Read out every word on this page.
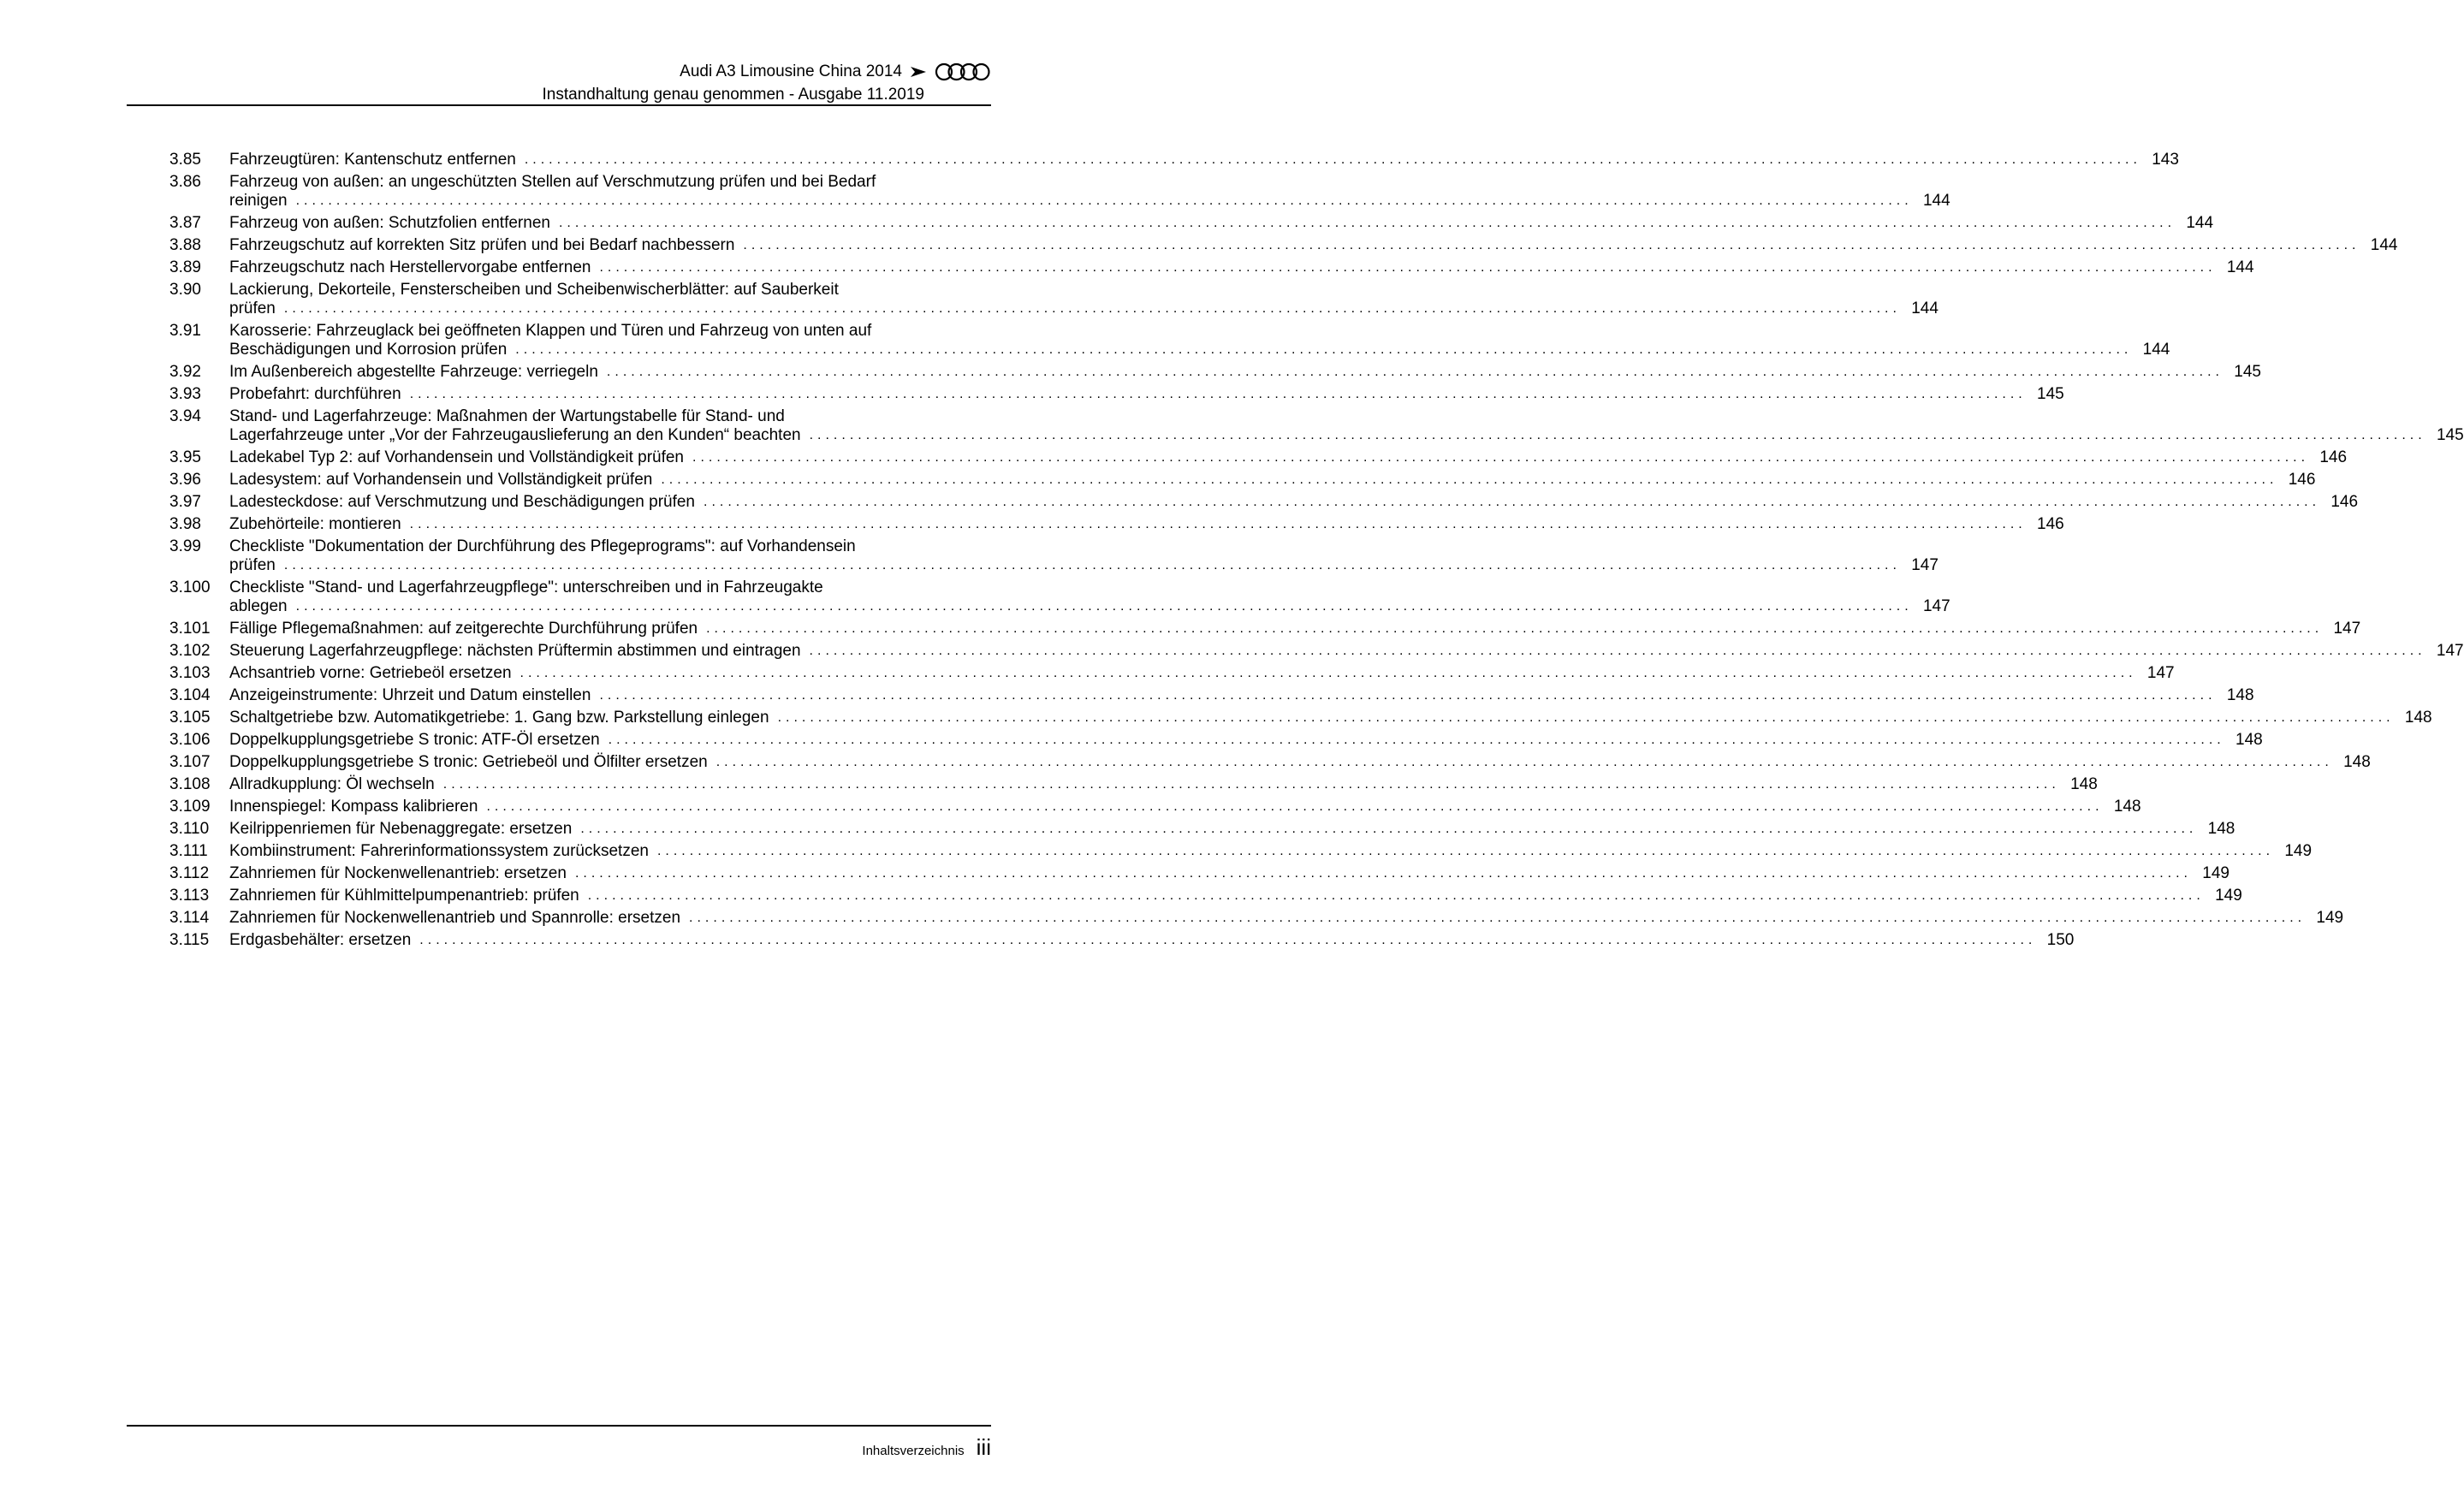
Audi A3 Limousine China 2014
Instandhaltung genau genommen - Ausgabe 11.2019
3.85	Fahrzeugtüren: Kantenschutz entfernen ........................................................................................................................................................................................................ 143
3.86	Fahrzeug von außen: an ungeschützten Stellen auf Verschmutzung prüfen und bei Bedarf
reinigen ........................................................................................................................................................................................................ 144
3.87	Fahrzeug von außen: Schutzfolien entfernen ........................................................................................................................................................................................................ 144
3.88	Fahrzeugschutz auf korrekten Sitz prüfen und bei Bedarf nachbessern ........................................................................................................................................................................................................ 144
3.89	Fahrzeugschutz nach Herstellervorgabe entfernen ........................................................................................................................................................................................................ 144
3.90	Lackierung, Dekorteile, Fensterscheiben und Scheibenwischerblätter: auf Sauberkeit
prüfen ........................................................................................................................................................................................................ 144
3.91	Karosserie: Fahrzeuglack bei geöffneten Klappen und Türen und Fahrzeug von unten auf
Beschädigungen und Korrosion prüfen ........................................................................................................................................................................................................ 144
3.92	Im Außenbereich abgestellte Fahrzeuge: verriegeln ........................................................................................................................................................................................................ 145
3.93	Probefahrt: durchführen ........................................................................................................................................................................................................ 145
3.94	Stand- und Lagerfahrzeuge: Maßnahmen der Wartungstabelle für Stand- und
Lagerfahrzeuge unter „Vor der Fahrzeugauslieferung an den Kunden“ beachten ........................................................................................................................................................................................................ 145
3.95	Ladekabel Typ 2: auf Vorhandensein und Vollständigkeit prüfen ........................................................................................................................................................................................................ 146
3.96	Ladesystem: auf Vorhandensein und Vollständigkeit prüfen ........................................................................................................................................................................................................ 146
3.97	Ladesteckdose: auf Verschmutzung und Beschädigungen prüfen ........................................................................................................................................................................................................ 146
3.98	Zubehörteile: montieren ........................................................................................................................................................................................................ 146
3.99	Checkliste "Dokumentation der Durchführung des Pflegeprograms": auf Vorhandensein
prüfen ........................................................................................................................................................................................................ 147
3.100	Checkliste "Stand- und Lagerfahrzeugpflege": unterschreiben und in Fahrzeugakte
ablegen ........................................................................................................................................................................................................ 147
3.101	Fällige Pflegemaßnahmen: auf zeitgerechte Durchführung prüfen ........................................................................................................................................................................................................ 147
3.102	Steuerung Lagerfahrzeugpflege: nächsten Prüftermin abstimmen und eintragen ........................................................................................................................................................................................................ 147
3.103	Achsantrieb vorne: Getriebeöl ersetzen ........................................................................................................................................................................................................ 147
3.104	Anzeigeinstrumente: Uhrzeit und Datum einstellen ........................................................................................................................................................................................................ 148
3.105	Schaltgetriebe bzw. Automatikgetriebe: 1. Gang bzw. Parkstellung einlegen ........................................................................................................................................................................................................ 148
3.106	Doppelkupplungsgetriebe S tronic: ATF-Öl ersetzen ........................................................................................................................................................................................................ 148
3.107	Doppelkupplungsgetriebe S tronic: Getriebeöl und Ölfilter ersetzen ........................................................................................................................................................................................................ 148
3.108	Allradkupplung: Öl wechseln ........................................................................................................................................................................................................ 148
3.109	Innenspiegel: Kompass kalibrieren ........................................................................................................................................................................................................ 148
3.110	Keilrippenriemen für Nebenaggregate: ersetzen ........................................................................................................................................................................................................ 148
3.111	Kombiinstrument: Fahrerinformationssystem zurücksetzen ........................................................................................................................................................................................................ 149
3.112	Zahnriemen für Nockenwellenantrieb: ersetzen ........................................................................................................................................................................................................ 149
3.113	Zahnriemen für Kühlmittelpumpenantrieb: prüfen ........................................................................................................................................................................................................ 149
3.114	Zahnriemen für Nockenwellenantrieb und Spannrolle: ersetzen ........................................................................................................................................................................................................ 149
3.115	Erdgasbehälter: ersetzen ........................................................................................................................................................................................................ 150
Inhaltsverzeichnis iii
